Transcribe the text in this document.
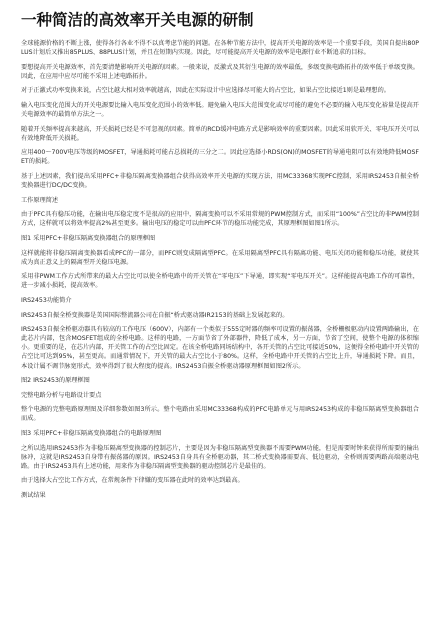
一种简洁的高效率开关电源的研制
全球能源价格的不断上涨，使得各行各业不得不以真考虑节能的问题。在各种节能方法中，提高开关电源的效率是一个重要手段，美国自提出80PLUS计划后又推出85PLUS、88PLUS计划，并且在短期内实现。因此，尽可能提高开关电源的效率是电源行业不断追求的目标。
要想提高开关电源效率，首先要清楚影响开关电源的因素。一般来说，反激式及其衍生电源的效率最低，多级变换电路拓扑的效率低于单级变换。因此，在应用中应尽可能不采用上述电路拓扑。
对于正激式功率变换来说，占空比越大相对效率就越高，因此在实际设计中应选择尽可能大的占空比，如果占空比接近1则是最理想的。
输入电压变化范围大的开关电源要比输入电压变化范围小的效率低。避免输入电压大范围变化或尽可能的避免不必要的输入电压变化裕量是提高开关电源效率的最简单方法之一。
随着开关频率提高来越高，开关损耗已经是不可忽视的因素。简单的RCD缓冲电路方式是影响效率的重要因素。因此采用软开关、零电压开关可以有效地降低开关损耗。
应用400～700V电压等级的MOSFET，导通损耗可能占总损耗的三分之二。因此应选择小RDS(ON)的MOSFET的导通电阻可以有效地降低MOSFET的损耗。
基于上述因素，我们提出采用PFC+非稳压隔离变换器组合获得高效率开关电源的实现方法，用MC33368实现PFC控制，采用IRS2453自振全桥变换器进行DC/DC变换。
工作原理简述
由于PFC具有稳压功能，在输出电压稳定度不是很高的应用中，隔离变换可以不采用常规的PWM控制方式，而采用“100%”占空比的非PWM控制方式，这样就可以将效率提高2%甚至更多。输出电压的稳定可以由PFC环节的稳压功能完成，其原理框图如图1所示。
图1 采用PFC+非稳压隔离变换器组合的原理框图
这样就能将非稳压隔离变换器看成PFC的一部分，而PFC则变成隔离型PFC。在采用隔离型PFC具有隔离功能、电压关闭功能和稳压功能，就使其成为真正意义上的隔离型开关稳压电源。
采用非PWM工作方式所带来的最大占空比可以使全桥电路中的开关管在“零电压”下导通，即实现“零电压开关”。这样能提高电路工作的可靠性，进一步减小损耗，提高效率。
IRS2453功能简介
IRS2453自振全桥变换器是美国国际整流器公司在自振“桥式驱动器IR2153的基础上发展起来的。
IRS2453自振全桥驱动器具有较高的工作电压（600V），内部有一个类似于555定时器的频率可设置的振荡器，全桥栅极驱动内设置两路输出，在此芯片内部，包含MOSFET组成的全桥电路。这样的电路，一方面节省了外部器件，降低了成本，另一方面，节省了空间，使整个电源的体积缩小。更重要的是，在芯片内部，开关管工作的占空比固定。在该全桥电路同场结构中，各开关管的占空比可接近50%，这便得全桥电路中开关管的占空比可达到95%，甚至更高。而通常情况下，开关管的最大占空比小于80%。这样，全桥电路中开关管的占空比上升，导通损耗下降。而且，本设计属不调节脉宽形式，效率得到了很大程度的提高。IRS2453自振全桥驱动器原理框图如图2所示。
图2 IRS2453的原理框图
完整电路分析与电路设计要点
整个电源的完整电路原理图及详细参数如图3所示。整个电路由采用MC33368构成的PFC电路单元与用IRS2453构成的非稳压隔离型变换器组合而成。
图3 采用PFC+非稳压隔离变换器组合的电路原理图
之所以选用IRS2453作为非稳压隔离型变换器的控制芯片，主要是因为非稳压隔离型变换器不需要PWM功能，但是需要时钟来获得所需要的输出脉冲，这就是IRS2453自身带有振荡器的原因。IRS2453自身具有全桥驱动器，其二桥式变换器需要高、低边驱动，全桥则需要两路高端驱动电路。由于IRS2453具有上述功能，用来作为非稳压隔离型变换器的驱动控制芯片是最佳的。
由于选择大占空比工作方式，在常规条件下律嫌的变压器在此时的效率达到最高。
测试结果
